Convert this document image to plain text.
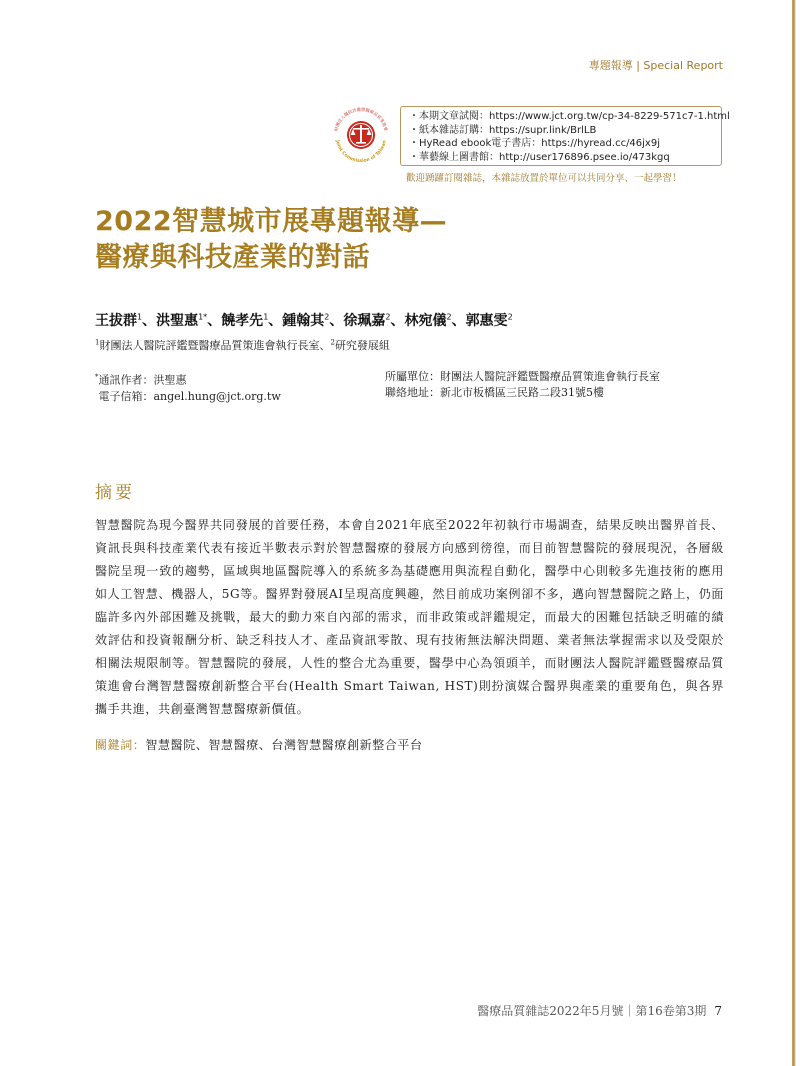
專題報導 | Special Report
財團法人醫院評鑑暨醫療品質策進會
Joint Commission of Taiwan
・本期文章試閱：https://www.jct.org.tw/cp-34-8229-571c7-1.html
・紙本雜誌訂購：https://supr.link/BrlLB
・HyRead ebook電子書店：https://hyread.cc/46jx9j
・華藝線上圖書館：http://user176896.psee.io/473kgq
歡迎踴躍訂閱雜誌，本雜誌放置於單位可以共同分享、一起學習！
2022智慧城市展專題報導—
醫療與科技產業的對話
王拔群$^1$、洪聖惠$^{1*}$、饒孝先$^1$、鍾翰其$^2$、徐珮嘉$^2$、林宛儀$^2$、郭惠雯$^2$
$^1$財團法人醫院評鑑暨醫療品質策進會執行長室、$^2$研究發展組
*通訊作者：洪聖惠
電子信箱：angel.hung@jct.org.tw
所屬單位：財團法人醫院評鑑暨醫療品質策進會執行長室
聯絡地址：新北市板橋區三民路二段31號5樓
摘要
智慧醫院為現今醫界共同發展的首要任務，本會自2021年底至2022年初執行市場調查，結果反映出醫界首長、資訊長與科技產業代表有接近半數表示對於智慧醫療的發展方向感到徬徨，而目前智慧醫院的發展現況，各層級醫院呈現一致的趨勢，區域與地區醫院導入的系統多為基礎應用與流程自動化，醫學中心則較多先進技術的應用如人工智慧、機器人，5G等。醫界對發展AI呈現高度興趣，然目前成功案例卻不多，邁向智慧醫院之路上，仍面臨許多內外部困難及挑戰，最大的動力來自內部的需求，而非政策或評鑑規定，而最大的困難包括缺乏明確的績效評估和投資報酬分析、缺乏科技人才、產品資訊零散、現有技術無法解決問題、業者無法掌握需求以及受限於相關法規限制等。智慧醫院的發展，人性的整合尤為重要，醫學中心為領頭羊，而財團法人醫院評鑑暨醫療品質策進會台灣智慧醫療創新整合平台(Health Smart Taiwan, HST)則扮演媒合醫界與產業的重要角色，與各界攜手共進，共創臺灣智慧醫療新價值。
關鍵詞：智慧醫院、智慧醫療、台灣智慧醫療創新整合平台
醫療品質雜誌2022年5月號｜第16卷第3期 7
